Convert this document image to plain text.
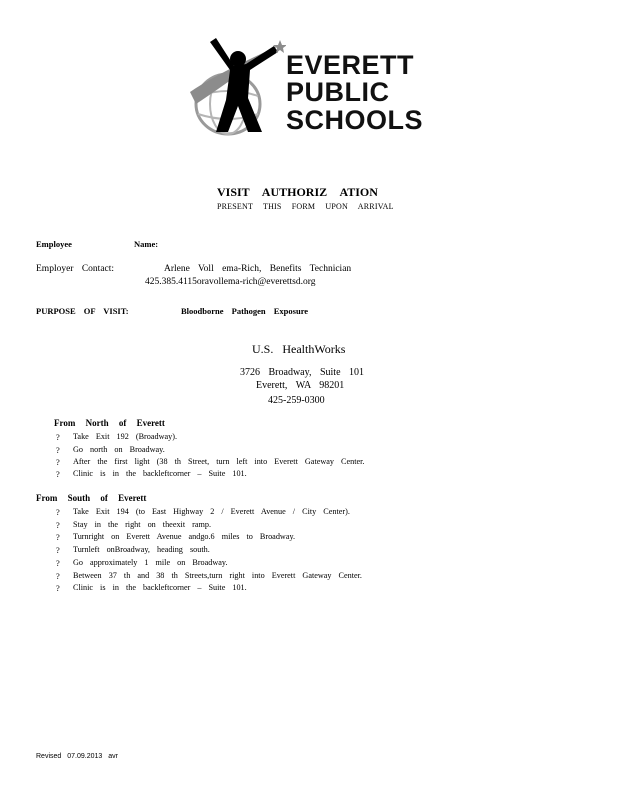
EVERETT
PUBLIC
SCHOOLS
VISIT AUTHORIZ ATION
PRESENT THIS FORM UPON ARRIVAL
Employee	Name:
Employer Contact:	Arlene Voll ema-Rich, Benefits Technician
425.385.4115oravollema-rich@everettsd.org
PURPOSE OF VISIT:	Bloodborne Pathogen Exposure
U.S. HealthWorks
3726 Broadway, Suite 101
Everett, WA 98201
425-259-0300
From North of Everett
? Take Exit 192 (Broadway).
? Go north on Broadway.
? After the first light (38 th Street, turn left into Everett Gateway Center.
? Clinic is in the backleftcorner – Suite 101.
From South of Everett
? Take Exit 194 (to East Highway 2 / Everett Avenue / City Center).
? Stay in the right on theexit ramp.
? Turnright on Everett Avenue andgo.6 miles to Broadway.
? Turnleft onBroadway, heading south.
? Go approximately 1 mile on Broadway.
? Between 37 th and 38 th Streets,turn right into Everett Gateway Center.
? Clinic is in the backleftcorner – Suite 101.
Revised 07.09.2013 avr
